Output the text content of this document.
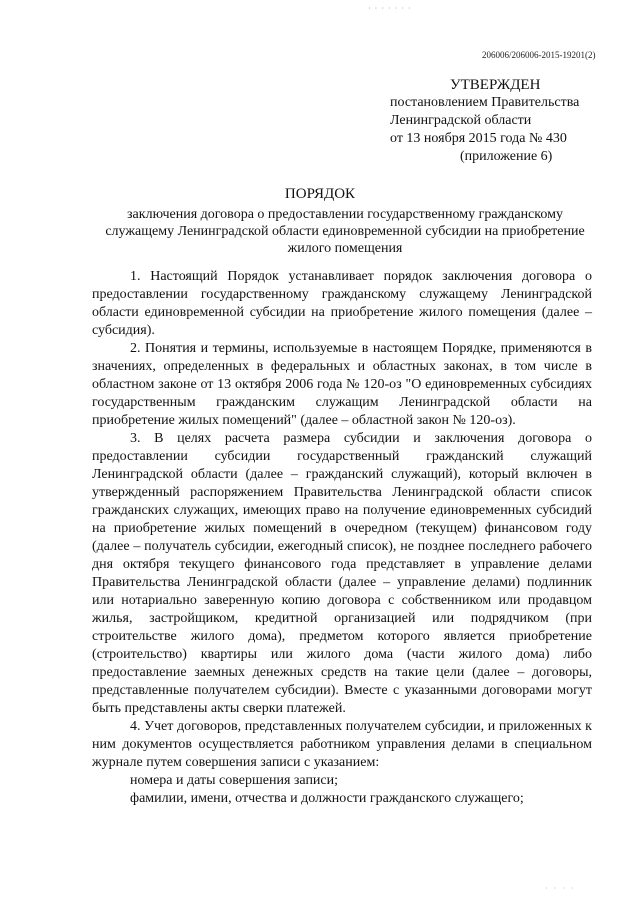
· · · · · · ·
206006/206006-2015-19201(2)
УТВЕРЖДЕН
постановлением Правительства
Ленинградской области
от 13 ноября 2015 года № 430
(приложение 6)
ПОРЯДОК
заключения договора о предоставлении государственному гражданскому служащему Ленинградской области единовременной субсидии на приобретение жилого помещения

1. Настоящий Порядок устанавливает порядок заключения договора о предоставлении государственному гражданскому служащему Ленинградской области единовременной субсидии на приобретение жилого помещения (далее – субсидия).

2. Понятия и термины, используемые в настоящем Порядке, применяются в значениях, определенных в федеральных и областных законах, в том числе в областном законе от 13 октября 2006 года № 120-оз "О единовременных субсидиях государственным гражданским служащим Ленинградской области на приобретение жилых помещений" (далее – областной закон № 120-оз).

3. В целях расчета размера субсидии и заключения договора о предоставлении субсидии государственный гражданский служащий Ленинградской области (далее – гражданский служащий), который включен в утвержденный распоряжением Правительства Ленинградской области список гражданских служащих, имеющих право на получение единовременных субсидий на приобретение жилых помещений в очередном (текущем) финансовом году (далее – получатель субсидии, ежегодный список), не позднее последнего рабочего дня октября текущего финансового года представляет в управление делами Правительства Ленинградской области (далее – управление делами) подлинник или нотариально заверенную копию договора с собственником или продавцом жилья, застройщиком, кредитной организацией или подрядчиком (при строительстве жилого дома), предметом которого является приобретение (строительство) квартиры или жилого дома (части жилого дома) либо предоставление заемных денежных средств на такие цели (далее – договоры, представленные получателем субсидии). Вместе с указанными договорами могут быть представлены акты сверки платежей.

4. Учет договоров, представленных получателем субсидии, и приложенных к ним документов осуществляется работником управления делами в специальном журнале путем совершения записи с указанием:

номера и даты совершения записи;

фамилии, имени, отчества и должности гражданского служащего;

· · · ·
